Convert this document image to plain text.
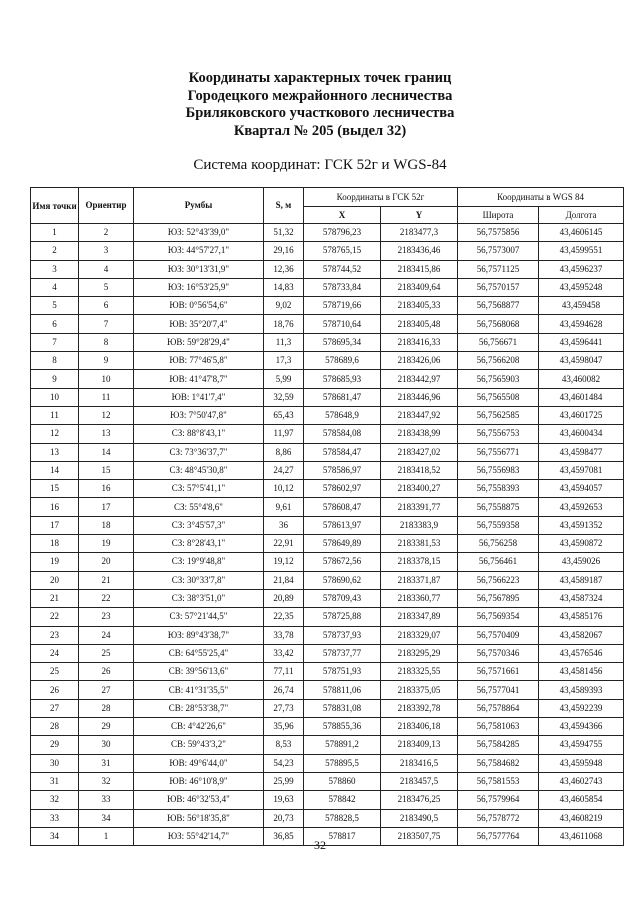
Координаты характерных точек границ
Городецкого межрайонного лесничества
Бриляковского участкового лесничества
Квартал № 205 (выдел 32)
Система координат: ГСК 52г и WGS-84
Имя точки	Ориентир	Румбы	S, м	Координаты в ГСК 52г		Координаты в WGS 84	
				X	Y	Широта	Долгота
1	2	ЮЗ: 52°43'39,0"	51,32	578796,23	2183477,3	56,7575856	43,4606145
2	3	ЮЗ: 44°57'27,1"	29,16	578765,15	2183436,46	56,7573007	43,4599551
3	4	ЮЗ: 30°13'31,9"	12,36	578744,52	2183415,86	56,7571125	43,4596237
4	5	ЮЗ: 16°53'25,9"	14,83	578733,84	2183409,64	56,7570157	43,4595248
5	6	ЮВ: 0°56'54,6"	9,02	578719,66	2183405,33	56,7568877	43,459458
6	7	ЮВ: 35°20'7,4"	18,76	578710,64	2183405,48	56,7568068	43,4594628
7	8	ЮВ: 59°28'29,4"	11,3	578695,34	2183416,33	56,756671	43,4596441
8	9	ЮВ: 77°46'5,8"	17,3	578689,6	2183426,06	56,7566208	43,4598047
9	10	ЮВ: 41°47'8,7"	5,99	578685,93	2183442,97	56,7565903	43,460082
10	11	ЮВ: 1°41'7,4"	32,59	578681,47	2183446,96	56,7565508	43,4601484
11	12	ЮЗ: 7°50'47,8"	65,43	578648,9	2183447,92	56,7562585	43,4601725
12	13	СЗ: 88°8'43,1"	11,97	578584,08	2183438,99	56,7556753	43,4600434
13	14	СЗ: 73°36'37,7"	8,86	578584,47	2183427,02	56,7556771	43,4598477
14	15	СЗ: 48°45'30,8"	24,27	578586,97	2183418,52	56,7556983	43,4597081
15	16	СЗ: 57°5'41,1"	10,12	578602,97	2183400,27	56,7558393	43,4594057
16	17	СЗ: 55°4'8,6"	9,61	578608,47	2183391,77	56,7558875	43,4592653
17	18	СЗ: 3°45'57,3"	36	578613,97	2183383,9	56,7559358	43,4591352
18	19	СЗ: 8°28'43,1"	22,91	578649,89	2183381,53	56,756258	43,4590872
19	20	СЗ: 19°9'48,8"	19,12	578672,56	2183378,15	56,756461	43,459026
20	21	СЗ: 30°33'7,8"	21,84	578690,62	2183371,87	56,7566223	43,4589187
21	22	СЗ: 38°3'51,0"	20,89	578709,43	2183360,77	56,7567895	43,4587324
22	23	СЗ: 57°21'44,5"	22,35	578725,88	2183347,89	56,7569354	43,4585176
23	24	ЮЗ: 89°43'38,7"	33,78	578737,93	2183329,07	56,7570409	43,4582067
24	25	СВ: 64°55'25,4"	33,42	578737,77	2183295,29	56,7570346	43,4576546
25	26	СВ: 39°56'13,6"	77,11	578751,93	2183325,55	56,7571661	43,4581456
26	27	СВ: 41°31'35,5"	26,74	578811,06	2183375,05	56,7577041	43,4589393
27	28	СВ: 28°53'38,7"	27,73	578831,08	2183392,78	56,7578864	43,4592239
28	29	СВ: 4°42'26,6"	35,96	578855,36	2183406,18	56,7581063	43,4594366
29	30	СВ: 59°43'3,2"	8,53	578891,2	2183409,13	56,7584285	43,4594755
30	31	ЮВ: 49°6'44,0"	54,23	578895,5	2183416,5	56,7584682	43,4595948
31	32	ЮВ: 46°10'8,9"	25,99	578860	2183457,5	56,7581553	43,4602743
32	33	ЮВ: 46°32'53,4"	19,63	578842	2183476,25	56,7579964	43,4605854
33	34	ЮВ: 56°18'35,8"	20,73	578828,5	2183490,5	56,7578772	43,4608219
34	1	ЮЗ: 55°42'14,7"	36,85	578817	2183507,75	56,7577764	43,4611068
32
